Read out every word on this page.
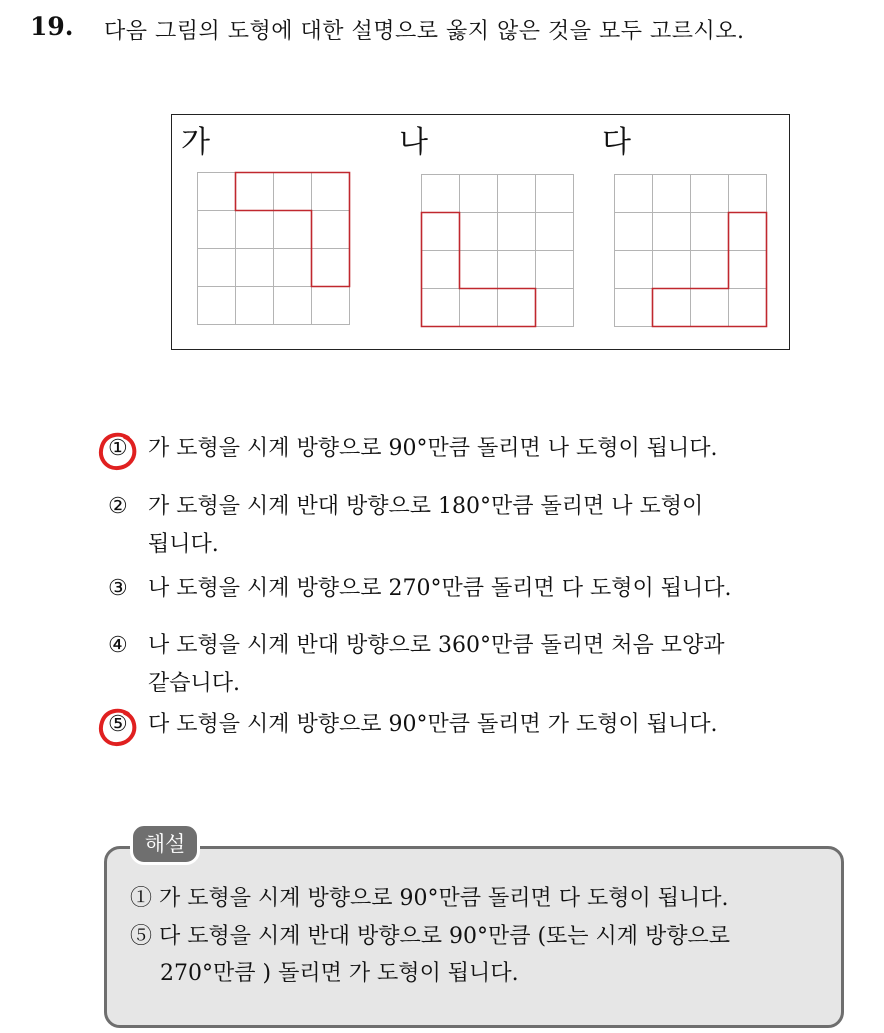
19. 다음 그림의 도형에 대한 설명으로 옳지 않은 것을 모두 고르시오.
가	나	다
① 가 도형을 시계 방향으로 90°만큼 돌리면 나 도형이 됩니다.
② 가 도형을 시계 반대 방향으로 180°만큼 돌리면 나 도형이
됩니다.
③ 나 도형을 시계 방향으로 270°만큼 돌리면 다 도형이 됩니다.
④ 나 도형을 시계 반대 방향으로 360°만큼 돌리면 처음 모양과
같습니다.
⑤ 다 도형을 시계 방향으로 90°만큼 돌리면 가 도형이 됩니다.
해설
① 가 도형을 시계 방향으로 90°만큼 돌리면 다 도형이 됩니다.
⑤ 다 도형을 시계 반대 방향으로 90°만큼 (또는 시계 방향으로
270°만큼 ) 돌리면 가 도형이 됩니다.
